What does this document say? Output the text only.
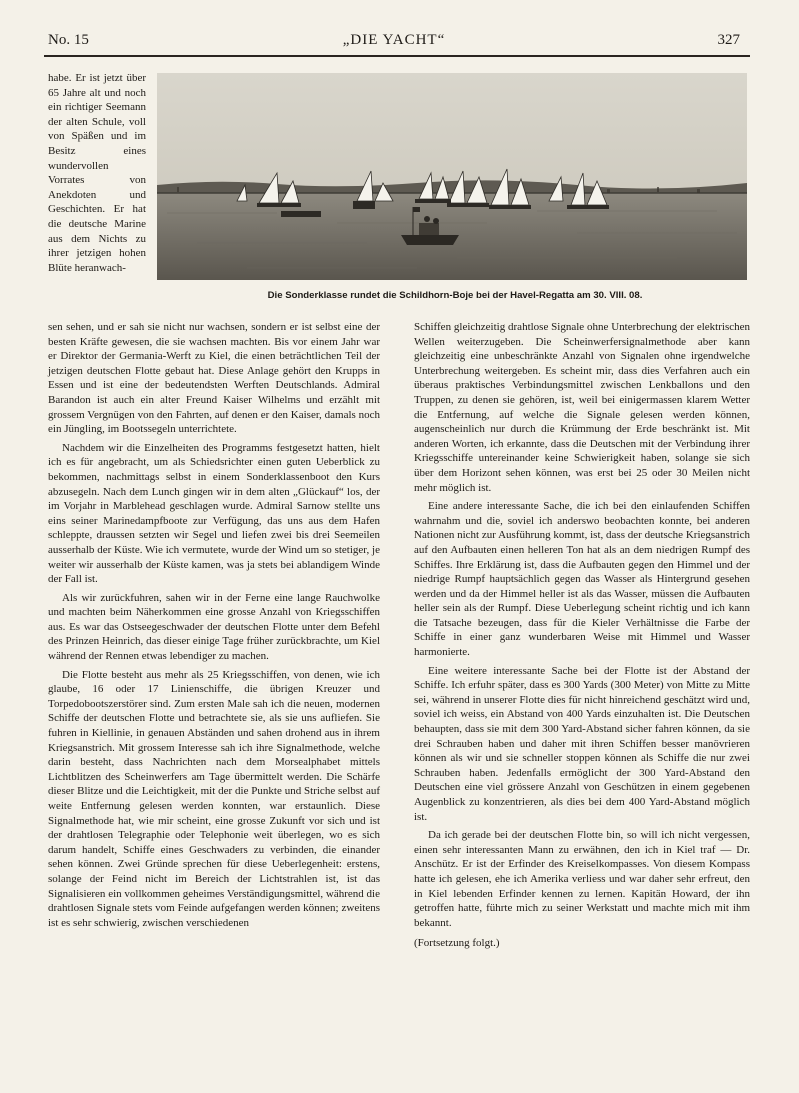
No. 15	„DIE YACHT“	327
Die Sonderklasse rundet die Schildhorn-Boje bei der Havel-Regatta am 30. VIII. 08.

habe. Er ist jetzt über 65 Jahre alt und noch ein richtiger Seemann der alten Schule, voll von Späßen und im Besitz eines wundervollen Vorrates von Anekdoten und Geschichten. Er hat die deutsche Marine aus dem Nichts zu ihrer jetzigen hohen Blüte heranwach-

sen sehen, und er sah sie nicht nur wachsen, sondern er ist selbst eine der besten Kräfte gewesen, die sie wachsen machten. Bis vor einem Jahr war er Direktor der Germania-Werft zu Kiel, die einen beträchtlichen Teil der jetzigen deutschen Flotte gebaut hat. Diese Anlage gehört den Krupps in Essen und ist eine der bedeutendsten Werften Deutschlands. Admiral Barandon ist auch ein alter Freund Kaiser Wilhelms und erzählt mit grossem Vergnügen von den Fahrten, auf denen er den Kaiser, damals noch ein Jüngling, im Bootssegeln unterrichtete.

Nachdem wir die Einzelheiten des Programms festgesetzt hatten, hielt ich es für angebracht, um als Schiedsrichter einen guten Ueberblick zu bekommen, nachmittags selbst in einem Sonderklassenboot den Kurs abzusegeln. Nach dem Lunch gingen wir in dem alten „Glückauf“ los, der im Vorjahr in Marblehead geschlagen wurde. Admiral Sarnow stellte uns eins seiner Marinedampfboote zur Verfügung, das uns aus dem Hafen schleppte, draussen setzten wir Segel und liefen zwei bis drei Seemeilen ausserhalb der Küste. Wie ich vermutete, wurde der Wind um so stetiger, je weiter wir ausserhalb der Küste kamen, was ja stets bei ablandigem Winde der Fall ist.

Als wir zurückfuhren, sahen wir in der Ferne eine lange Rauchwolke und machten beim Näherkommen eine grosse Anzahl von Kriegsschiffen aus. Es war das Ostseegeschwader der deutschen Flotte unter dem Befehl des Prinzen Heinrich, das dieser einige Tage früher zurückbrachte, um Kiel während der Rennen etwas lebendiger zu machen.

Die Flotte besteht aus mehr als 25 Kriegsschiffen, von denen, wie ich glaube, 16 oder 17 Linienschiffe, die übrigen Kreuzer und Torpedobootszerstörer sind. Zum ersten Male sah ich die neuen, modernen Schiffe der deutschen Flotte und betrachtete sie, als sie uns aufliefen. Sie fuhren in Kiellinie, in genauen Abständen und sahen drohend aus in ihrem Kriegsanstrich. Mit grossem Interesse sah ich ihre Signalmethode, welche darin besteht, dass Nachrichten nach dem Morsealphabet mittels Lichtblitzen des Scheinwerfers am Tage übermittelt werden. Die Schärfe dieser Blitze und die Leichtigkeit, mit der die Punkte und Striche selbst auf weite Entfernung gelesen werden konnten, war erstaunlich. Diese Signalmethode hat, wie mir scheint, eine grosse Zukunft vor sich und ist der drahtlosen Telegraphie oder Telephonie weit überlegen, wo es sich darum handelt, Schiffe eines Geschwaders zu verbinden, die einander sehen können. Zwei Gründe sprechen für diese Ueberlegenheit: erstens, solange der Feind nicht im Bereich der Lichtstrahlen ist, ist das Signalisieren ein vollkommen geheimes Verständigungsmittel, während die drahtlosen Signale stets vom Feinde aufgefangen werden können; zweitens ist es sehr schwierig, zwischen verschiedenen

Schiffen gleichzeitig drahtlose Signale ohne Unterbrechung der elektrischen Wellen weiterzugeben. Die Scheinwerfersignalmethode aber kann gleichzeitig eine unbeschränkte Anzahl von Signalen ohne irgendwelche Unterbrechung weitergeben. Es scheint mir, dass dies Verfahren auch ein überaus praktisches Verbindungsmittel zwischen Lenkballons und den Truppen, zu denen sie gehören, ist, weil bei einigermassen klarem Wetter die Entfernung, auf welche die Signale gelesen werden können, augenscheinlich nur durch die Krümmung der Erde beschränkt ist. Mit anderen Worten, ich erkannte, dass die Deutschen mit der Verbindung ihrer Kriegsschiffe untereinander keine Schwierigkeit haben, solange sie sich über dem Horizont sehen können, was erst bei 25 oder 30 Meilen nicht mehr möglich ist.

Eine andere interessante Sache, die ich bei den einlaufenden Schiffen wahrnahm und die, soviel ich anderswo beobachten konnte, bei anderen Nationen nicht zur Ausführung kommt, ist, dass der deutsche Kriegsanstrich auf den Aufbauten einen helleren Ton hat als an dem niedrigen Rumpf des Schiffes. Ihre Erklärung ist, dass die Aufbauten gegen den Himmel und der niedrige Rumpf hauptsächlich gegen das Wasser als Hintergrund gesehen werden und da der Himmel heller ist als das Wasser, müssen die Aufbauten heller sein als der Rumpf. Diese Ueberlegung scheint richtig und ich kann die Tatsache bezeugen, dass für die Kieler Verhältnisse die Farbe der Schiffe in einer ganz wunderbaren Weise mit Himmel und Wasser harmonierte.

Eine weitere interessante Sache bei der Flotte ist der Abstand der Schiffe. Ich erfuhr später, dass es 300 Yards (300 Meter) von Mitte zu Mitte sei, während in unserer Flotte dies für nicht hinreichend geschätzt wird und, soviel ich weiss, ein Abstand von 400 Yards einzuhalten ist. Die Deutschen behaupten, dass sie mit dem 300 Yard-Abstand sicher fahren können, da sie drei Schrauben haben und daher mit ihren Schiffen besser manövrieren können als wir und sie schneller stoppen können als Schiffe die nur zwei Schrauben haben. Jedenfalls ermöglicht der 300 Yard-Abstand den Deutschen eine viel grössere Anzahl von Geschützen in einem gegebenen Augenblick zu konzentrieren, als dies bei dem 400 Yard-Abstand möglich ist.

Da ich gerade bei der deutschen Flotte bin, so will ich nicht vergessen, einen sehr interessanten Mann zu erwähnen, den ich in Kiel traf — Dr. Anschütz. Er ist der Erfinder des Kreiselkompasses. Von diesem Kompass hatte ich gelesen, ehe ich Amerika verliess und war daher sehr erfreut, den in Kiel lebenden Erfinder kennen zu lernen. Kapitän Howard, der ihn getroffen hatte, führte mich zu seiner Werkstatt und machte mich mit ihm bekannt.

(Fortsetzung folgt.)
